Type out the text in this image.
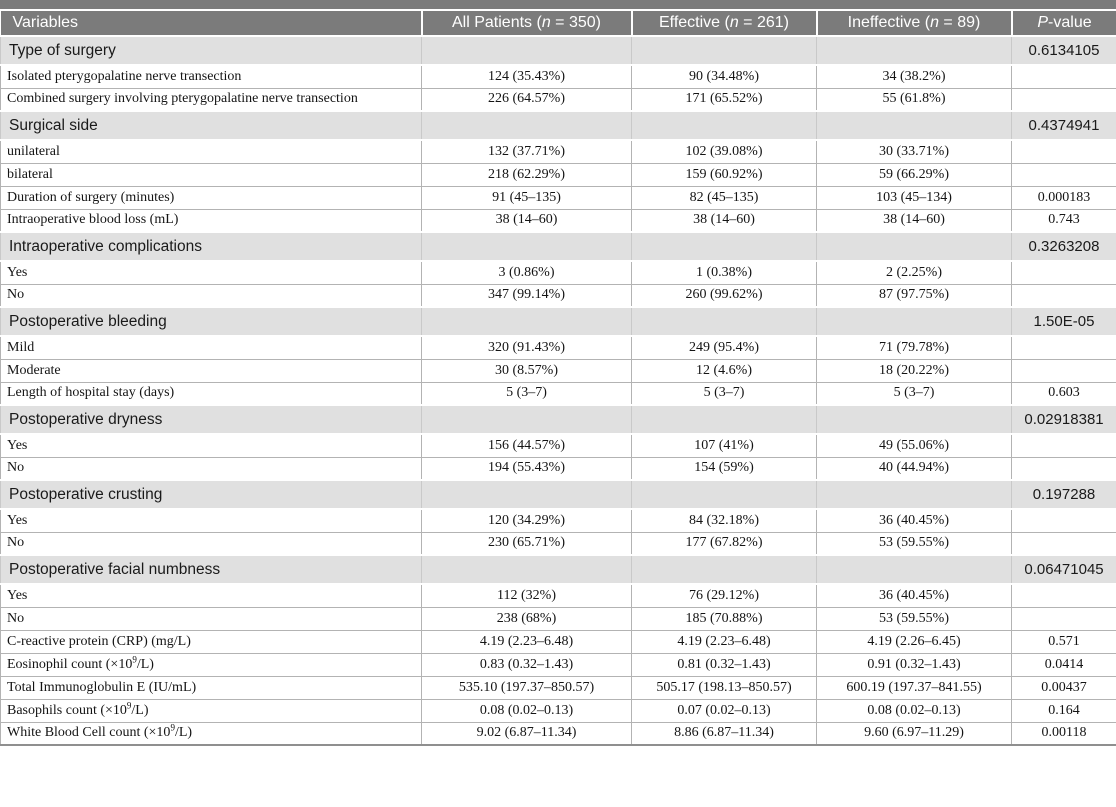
Variables	All Patients (n = 350)	Effective (n = 261)	Ineffective (n = 89)	P-value
Type of surgery				0.6134105
Isolated pterygopalatine nerve transection	124 (35.43%)	90 (34.48%)	34 (38.2%)	
Combined surgery involving pterygopalatine nerve transection	226 (64.57%)	171 (65.52%)	55 (61.8%)	
Surgical side				0.4374941
unilateral	132 (37.71%)	102 (39.08%)	30 (33.71%)	
bilateral	218 (62.29%)	159 (60.92%)	59 (66.29%)	
Duration of surgery (minutes)	91 (45–135)	82 (45–135)	103 (45–134)	0.000183
Intraoperative blood loss (mL)	38 (14–60)	38 (14–60)	38 (14–60)	0.743
Intraoperative complications				0.3263208
Yes	3 (0.86%)	1 (0.38%)	2 (2.25%)	
No	347 (99.14%)	260 (99.62%)	87 (97.75%)	
Postoperative bleeding				1.50E-05
Mild	320 (91.43%)	249 (95.4%)	71 (79.78%)	
Moderate	30 (8.57%)	12 (4.6%)	18 (20.22%)	
Length of hospital stay (days)	5 (3–7)	5 (3–7)	5 (3–7)	0.603
Postoperative dryness				0.02918381
Yes	156 (44.57%)	107 (41%)	49 (55.06%)	
No	194 (55.43%)	154 (59%)	40 (44.94%)	
Postoperative crusting				0.197288
Yes	120 (34.29%)	84 (32.18%)	36 (40.45%)	
No	230 (65.71%)	177 (67.82%)	53 (59.55%)	
Postoperative facial numbness				0.06471045
Yes	112 (32%)	76 (29.12%)	36 (40.45%)	
No	238 (68%)	185 (70.88%)	53 (59.55%)	
C-reactive protein (CRP) (mg/L)	4.19 (2.23–6.48)	4.19 (2.23–6.48)	4.19 (2.26–6.45)	0.571
Eosinophil count $(\times 10^9/L)$	0.83 (0.32–1.43)	0.81 (0.32–1.43)	0.91 (0.32–1.43)	0.0414
Total Immunoglobulin E (IU/mL)	535.10 (197.37–850.57)	505.17 (198.13–850.57)	600.19 (197.37–841.55)	0.00437
Basophils count $(\times 10^9/L)$	0.08 (0.02–0.13)	0.07 (0.02–0.13)	0.08 (0.02–0.13)	0.164
White Blood Cell count $(\times 10^9/L)$	9.02 (6.87–11.34)	8.86 (6.87–11.34)	9.60 (6.97–11.29)	0.00118
